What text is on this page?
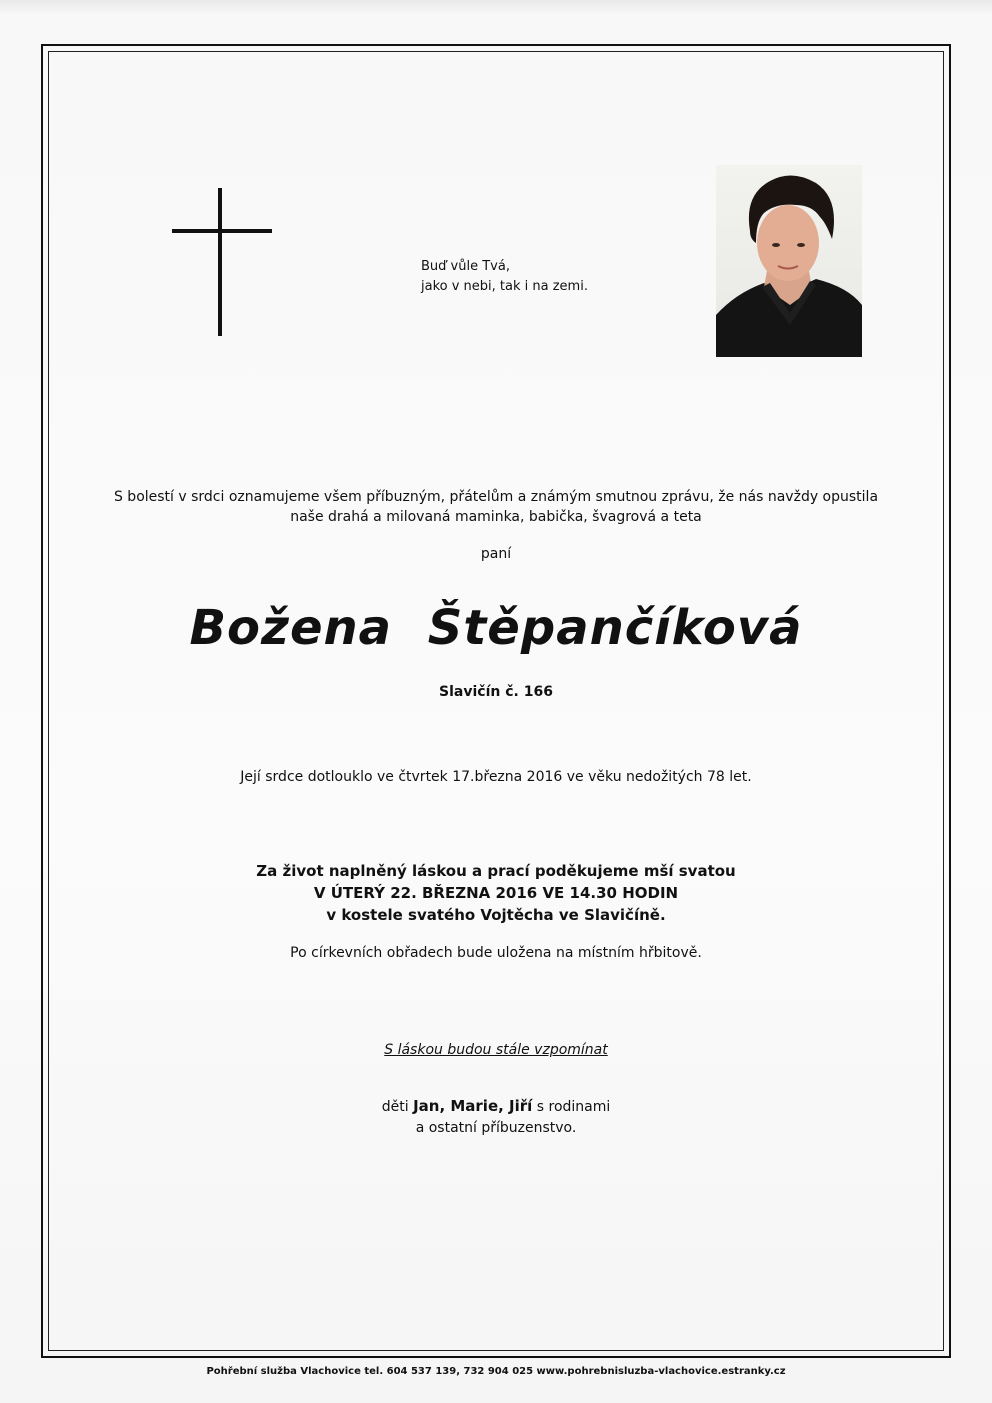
Buď vůle Tvá,
jako v nebi, tak i na zemi.
S bolestí v srdci oznamujeme všem příbuzným, přátelům a známým smutnou zprávu, že nás navždy opustila
naše drahá a milovaná maminka, babička, švagrová a teta
paní
Božena Štěpančíková
Slavičín č. 166
Její srdce dotlouklo ve čtvrtek 17.března 2016 ve věku nedožitých 78 let.
Za život naplněný láskou a prací poděkujeme mší svatou
V ÚTERÝ 22. BŘEZNA 2016 VE 14.30 HODIN
v kostele svatého Vojtěcha ve Slavičíně.
Po církevních obřadech bude uložena na místním hřbitově.
S láskou budou stále vzpomínat
děti Jan, Marie, Jiří s rodinami
a ostatní příbuzenstvo.
Pohřební služba Vlachovice tel. 604 537 139, 732 904 025 www.pohrebnisluzba-vlachovice.estranky.cz
